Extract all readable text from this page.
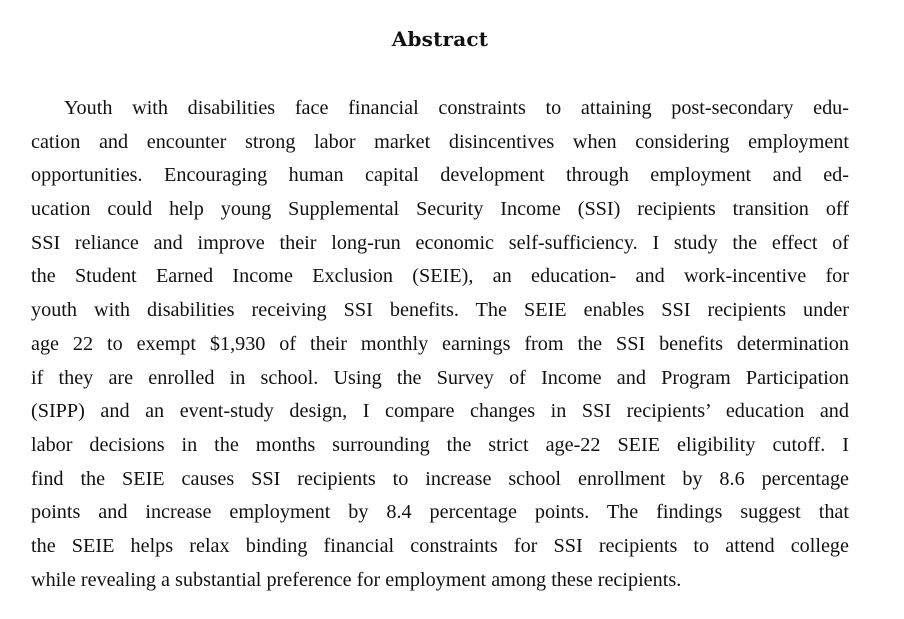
Abstract
Youth with disabilities face financial constraints to attaining post-secondary edu-
cation and encounter strong labor market disincentives when considering employment
opportunities. Encouraging human capital development through employment and ed-
ucation could help young Supplemental Security Income (SSI) recipients transition off
SSI reliance and improve their long-run economic self-sufficiency. I study the effect of
the Student Earned Income Exclusion (SEIE), an education- and work-incentive for
youth with disabilities receiving SSI benefits. The SEIE enables SSI recipients under
age 22 to exempt $1,930 of their monthly earnings from the SSI benefits determination
if they are enrolled in school. Using the Survey of Income and Program Participation
(SIPP) and an event-study design, I compare changes in SSI recipients’ education and
labor decisions in the months surrounding the strict age-22 SEIE eligibility cutoff. I
find the SEIE causes SSI recipients to increase school enrollment by 8.6 percentage
points and increase employment by 8.4 percentage points. The findings suggest that
the SEIE helps relax binding financial constraints for SSI recipients to attend college
while revealing a substantial preference for employment among these recipients.
